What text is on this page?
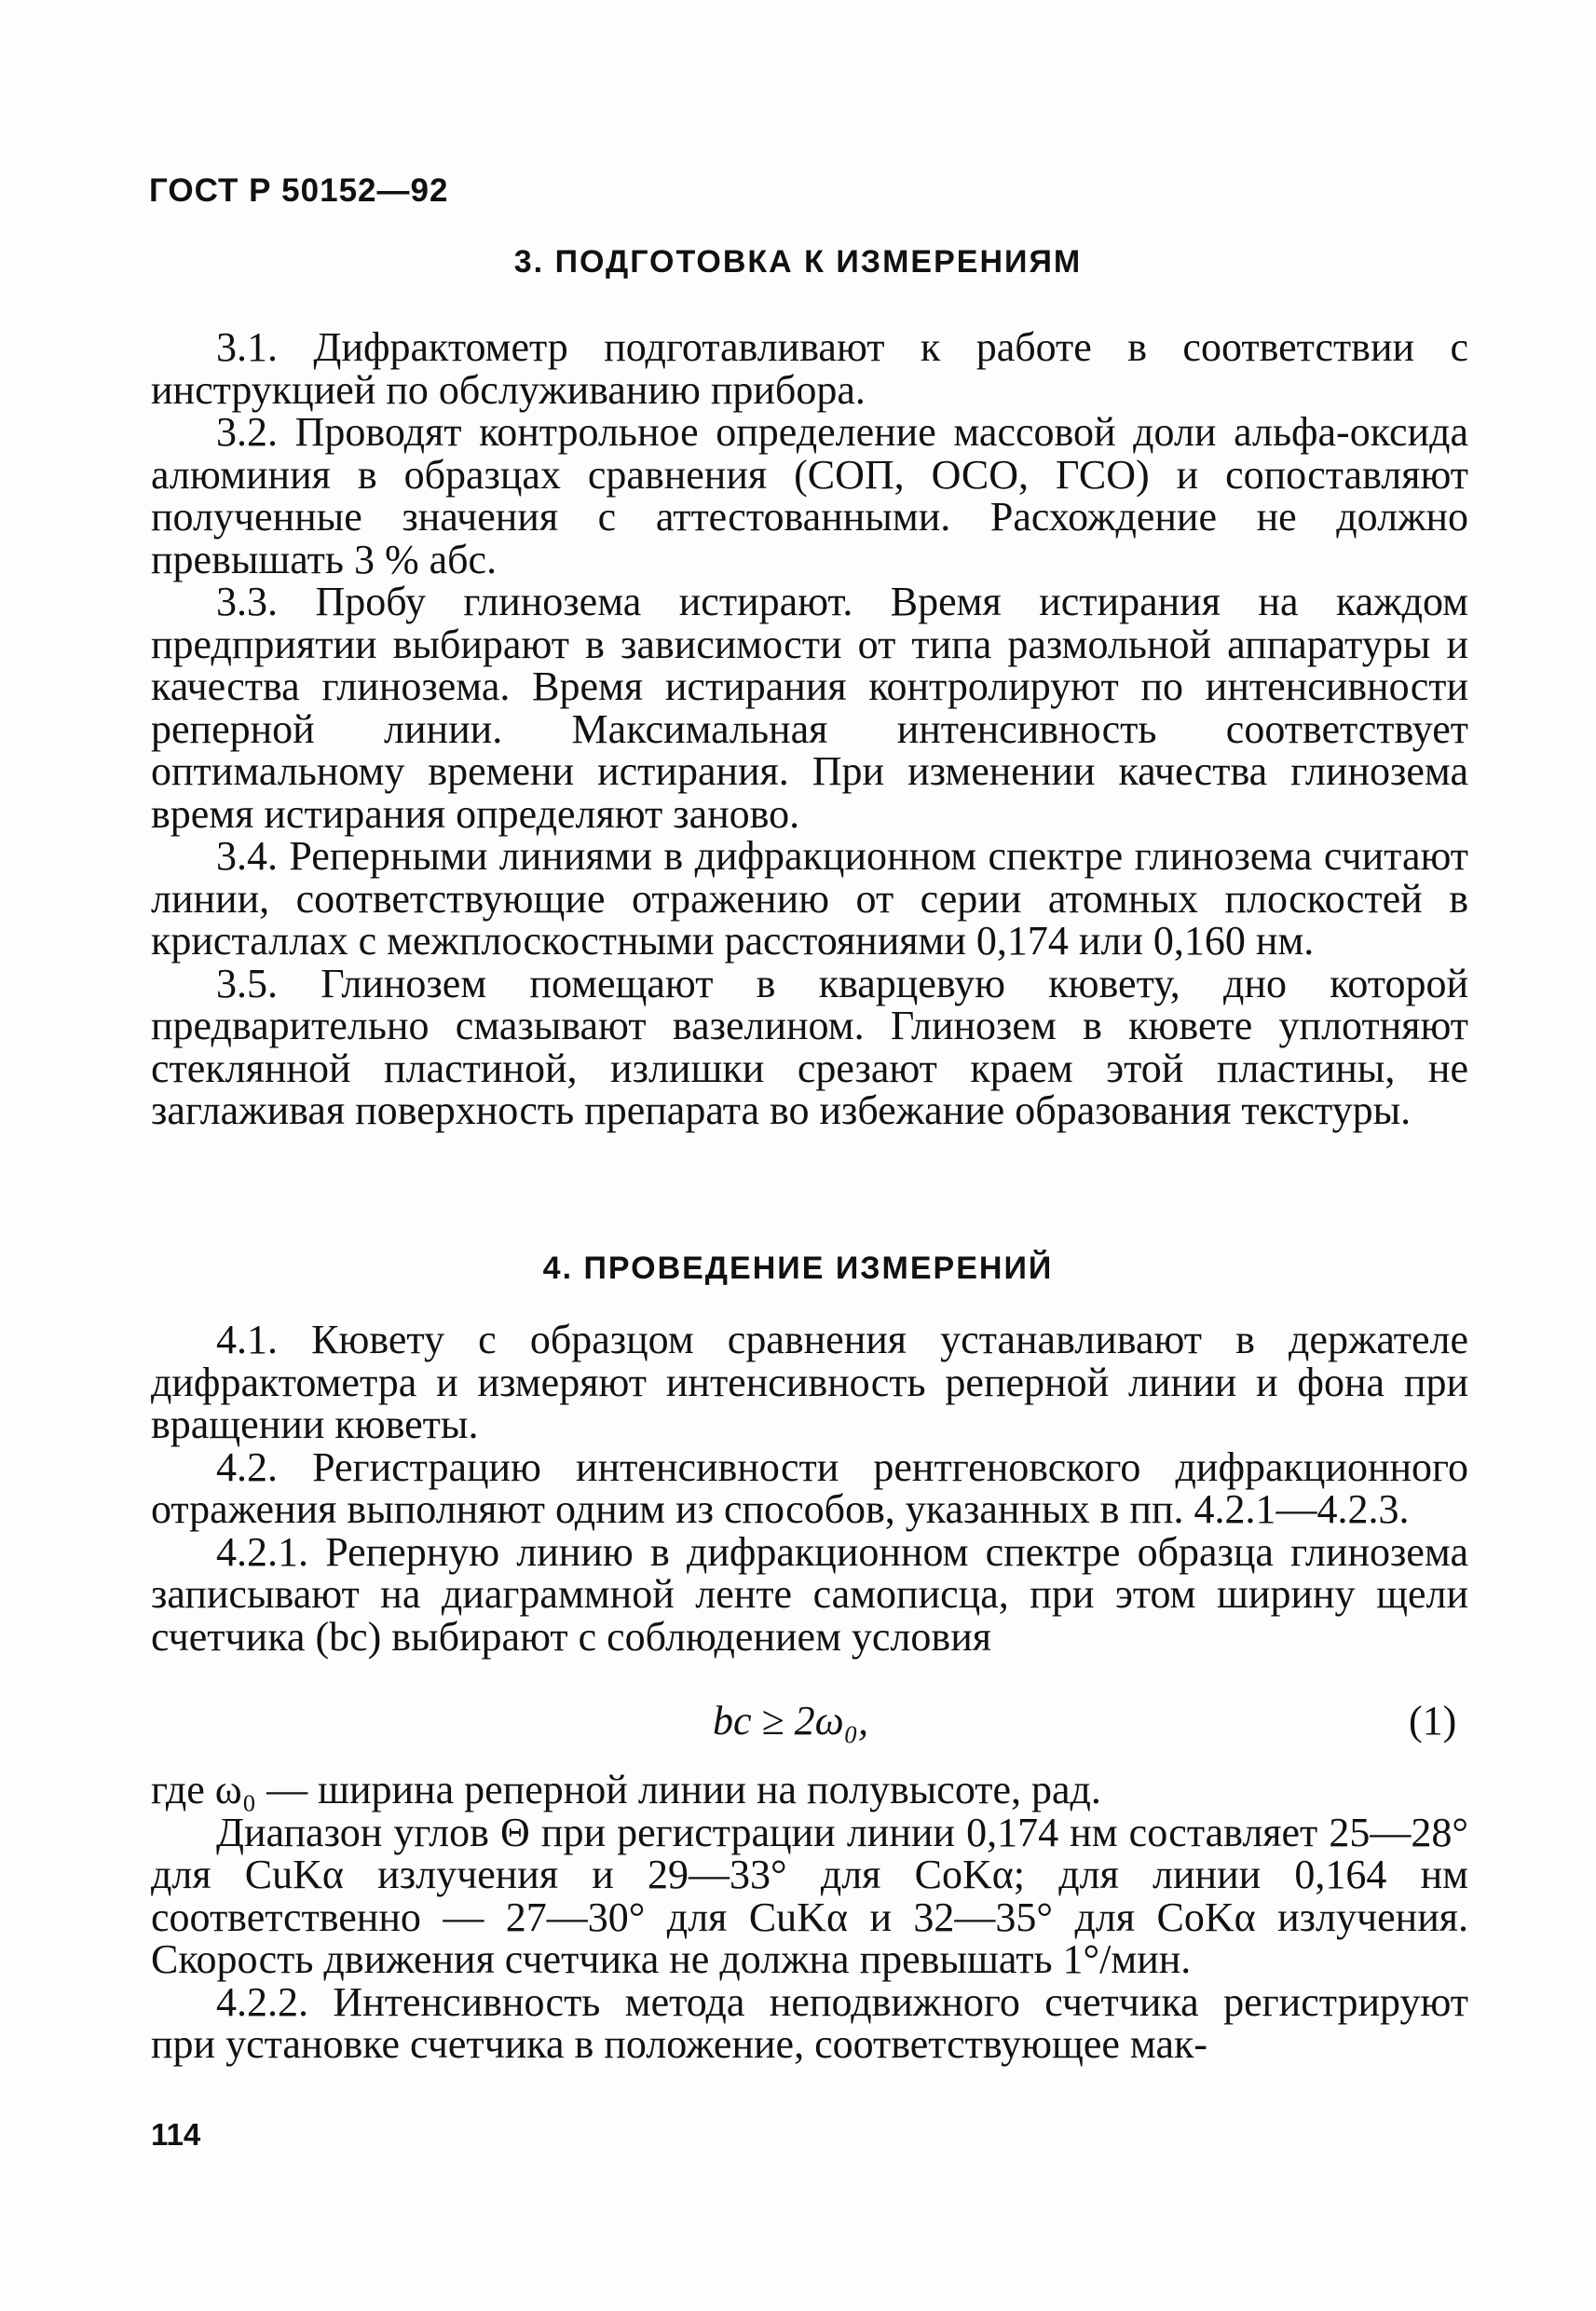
ГОСТ Р 50152—92
3. ПОДГОТОВКА К ИЗМЕРЕНИЯМ

3.1. Дифрактометр подготавливают к работе в соответствии с инструкцией по обслуживанию прибора.

3.2. Проводят контрольное определение массовой доли альфа-оксида алюминия в образцах сравнения (СОП, ОСО, ГСО) и сопоставляют полученные значения с аттестованными. Расхождение не должно превышать 3 % абс.

3.3. Пробу глинозема истирают. Время истирания на каждом предприятии выбирают в зависимости от типа размольной аппаратуры и качества глинозема. Время истирания контролируют по интенсивности реперной линии. Максимальная интенсивность соответствует оптимальному времени истирания. При изменении качества глинозема время истирания определяют заново.

3.4. Реперными линиями в дифракционном спектре глинозема считают линии, соответствующие отражению от серии атомных плоскостей в кристаллах с межплоскостными расстояниями 0,174 или 0,160 нм.

3.5. Глинозем помещают в кварцевую кювету, дно которой предварительно смазывают вазелином. Глинозем в кювете уплотняют стеклянной пластиной, излишки срезают краем этой пластины, не заглаживая поверхность препарата во избежание образования текстуры.

4. ПРОВЕДЕНИЕ ИЗМЕРЕНИЙ

4.1. Кювету с образцом сравнения устанавливают в держателе дифрактометра и измеряют интенсивность реперной линии и фона при вращении кюветы.

4.2. Регистрацию интенсивности рентгеновского дифракционного отражения выполняют одним из способов, указанных в пп. 4.2.1—4.2.3.

4.2.1. Реперную линию в дифракционном спектре образца глинозема записывают на диаграммной ленте самописца, при этом ширину щели счетчика (bс) выбирают с соблюдением условия

bс ≥ 2ω₀,	(1)

где ω₀ — ширина реперной линии на полувысоте, рад.

Диапазон углов Θ при регистрации линии 0,174 нм составляет 25—28° для CuKα излучения и 29—33° для CoKα; для линии 0,164 нм соответственно — 27—30° для CuKα и 32—35° для CoKα излучения. Скорость движения счетчика не должна превышать 1°/мин.

4.2.2. Интенсивность метода неподвижного счетчика регистрируют при установке счетчика в положение, соответствующее мак-

114
